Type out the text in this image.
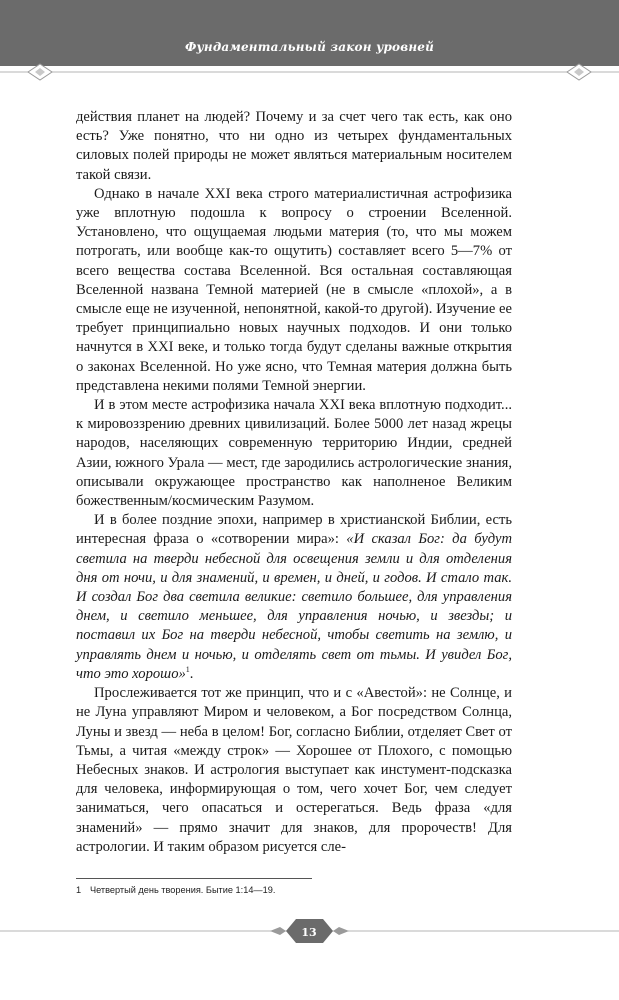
Фундаментальный закон уровней

действия планет на людей? Почему и за счет чего так есть, как оно есть? Уже понятно, что ни одно из четырех фундаментальных силовых полей природы не может являться материальным носителем такой связи.

Однако в начале XXI века строго материалистичная астрофизика уже вплотную подошла к вопросу о строении Вселенной. Установлено, что ощущаемая людьми материя (то, что мы можем потрогать, или вообще как-то ощутить) составляет всего 5—7% от всего вещества состава Вселенной. Вся остальная составляющая Вселенной названа Темной материей (не в смысле «плохой», а в смысле еще не изученной, непонятной, какой-то другой). Изучение ее требует принципиально новых научных подходов. И они только начнутся в XXI веке, и только тогда будут сделаны важные открытия о законах Вселенной. Но уже ясно, что Темная материя должна быть представлена некими полями Темной энергии.

И в этом месте астрофизика начала XXI века вплотную подходит... к мировоззрению древних цивилизаций. Более 5000 лет назад жрецы народов, населяющих современную территорию Индии, средней Азии, южного Урала — мест, где зародились астрологические знания, описывали окружающее пространство как наполненое Великим божественным/космическим Разумом.

И в более поздние эпохи, например в христианской Библии, есть интересная фраза о «сотворении мира»: «И сказал Бог: да будут светила на тверди небесной для освещения земли и для отделения дня от ночи, и для знамений, и времен, и дней, и годов. И стало так. И создал Бог два светила великие: светило большее, для управления днем, и светило меньшее, для управления ночью, и звезды; и поставил их Бог на тверди небесной, чтобы светить на землю, и управлять днем и ночью, и отделять свет от тьмы. И увидел Бог, что это хорошо»$^1$.

Прослеживается тот же принцип, что и с «Авестой»: не Солнце, и не Луна управляют Миром и человеком, а Бог посредством Солнца, Луны и звезд — неба в целом! Бог, согласно Библии, отделяет Свет от Тьмы, а читая «между строк» — Хорошее от Плохого, с помощью Небесных знаков. И астрология выступает как инстумент-подсказка для человека, информирующая о том, чего хочет Бог, чем следует заниматься, чего опасаться и остерегаться. Ведь фраза «для знамений» — прямо значит для знаков, для пророчеств! Для астрологии. И таким образом рисуется сле-

1 Четвертый день творения. Бытие 1:14—19.
13
